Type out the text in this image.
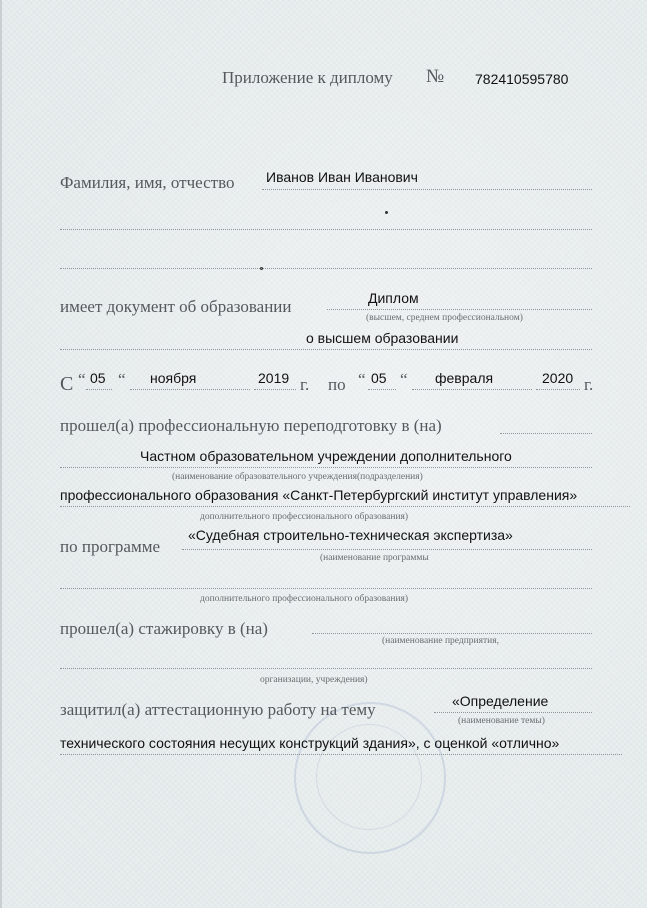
Приложение к диплому № 782410595780
Фамилия, имя, отчество Иванов Иван Иванович
имеет документ об образовании	Диплом
(высшем, среднем профессиональном)
о высшем образовании
С “ 05 “ ноября	2019 г. по “ 05 “ февраля	2020 г.
прошел(а) профессиональную переподготовку в (на)
Частном образовательном учреждении дополнительного
(наименование образовательного учреждения(подразделения)
профессионального образования «Санкт-Петербургский институт управления»
дополнительного профессионального образования)
по программе
«Судебная строительно-техническая экспертиза»
(наименование программы
дополнительного профессионального образования)
прошел(а) стажировку в (на)
(наименование предприятия,
организации, учреждения)
защитил(а) аттестационную работу на тему	«Определение
(наименование темы)
технического состояния несущих конструкций здания», с оценкой «отлично»
